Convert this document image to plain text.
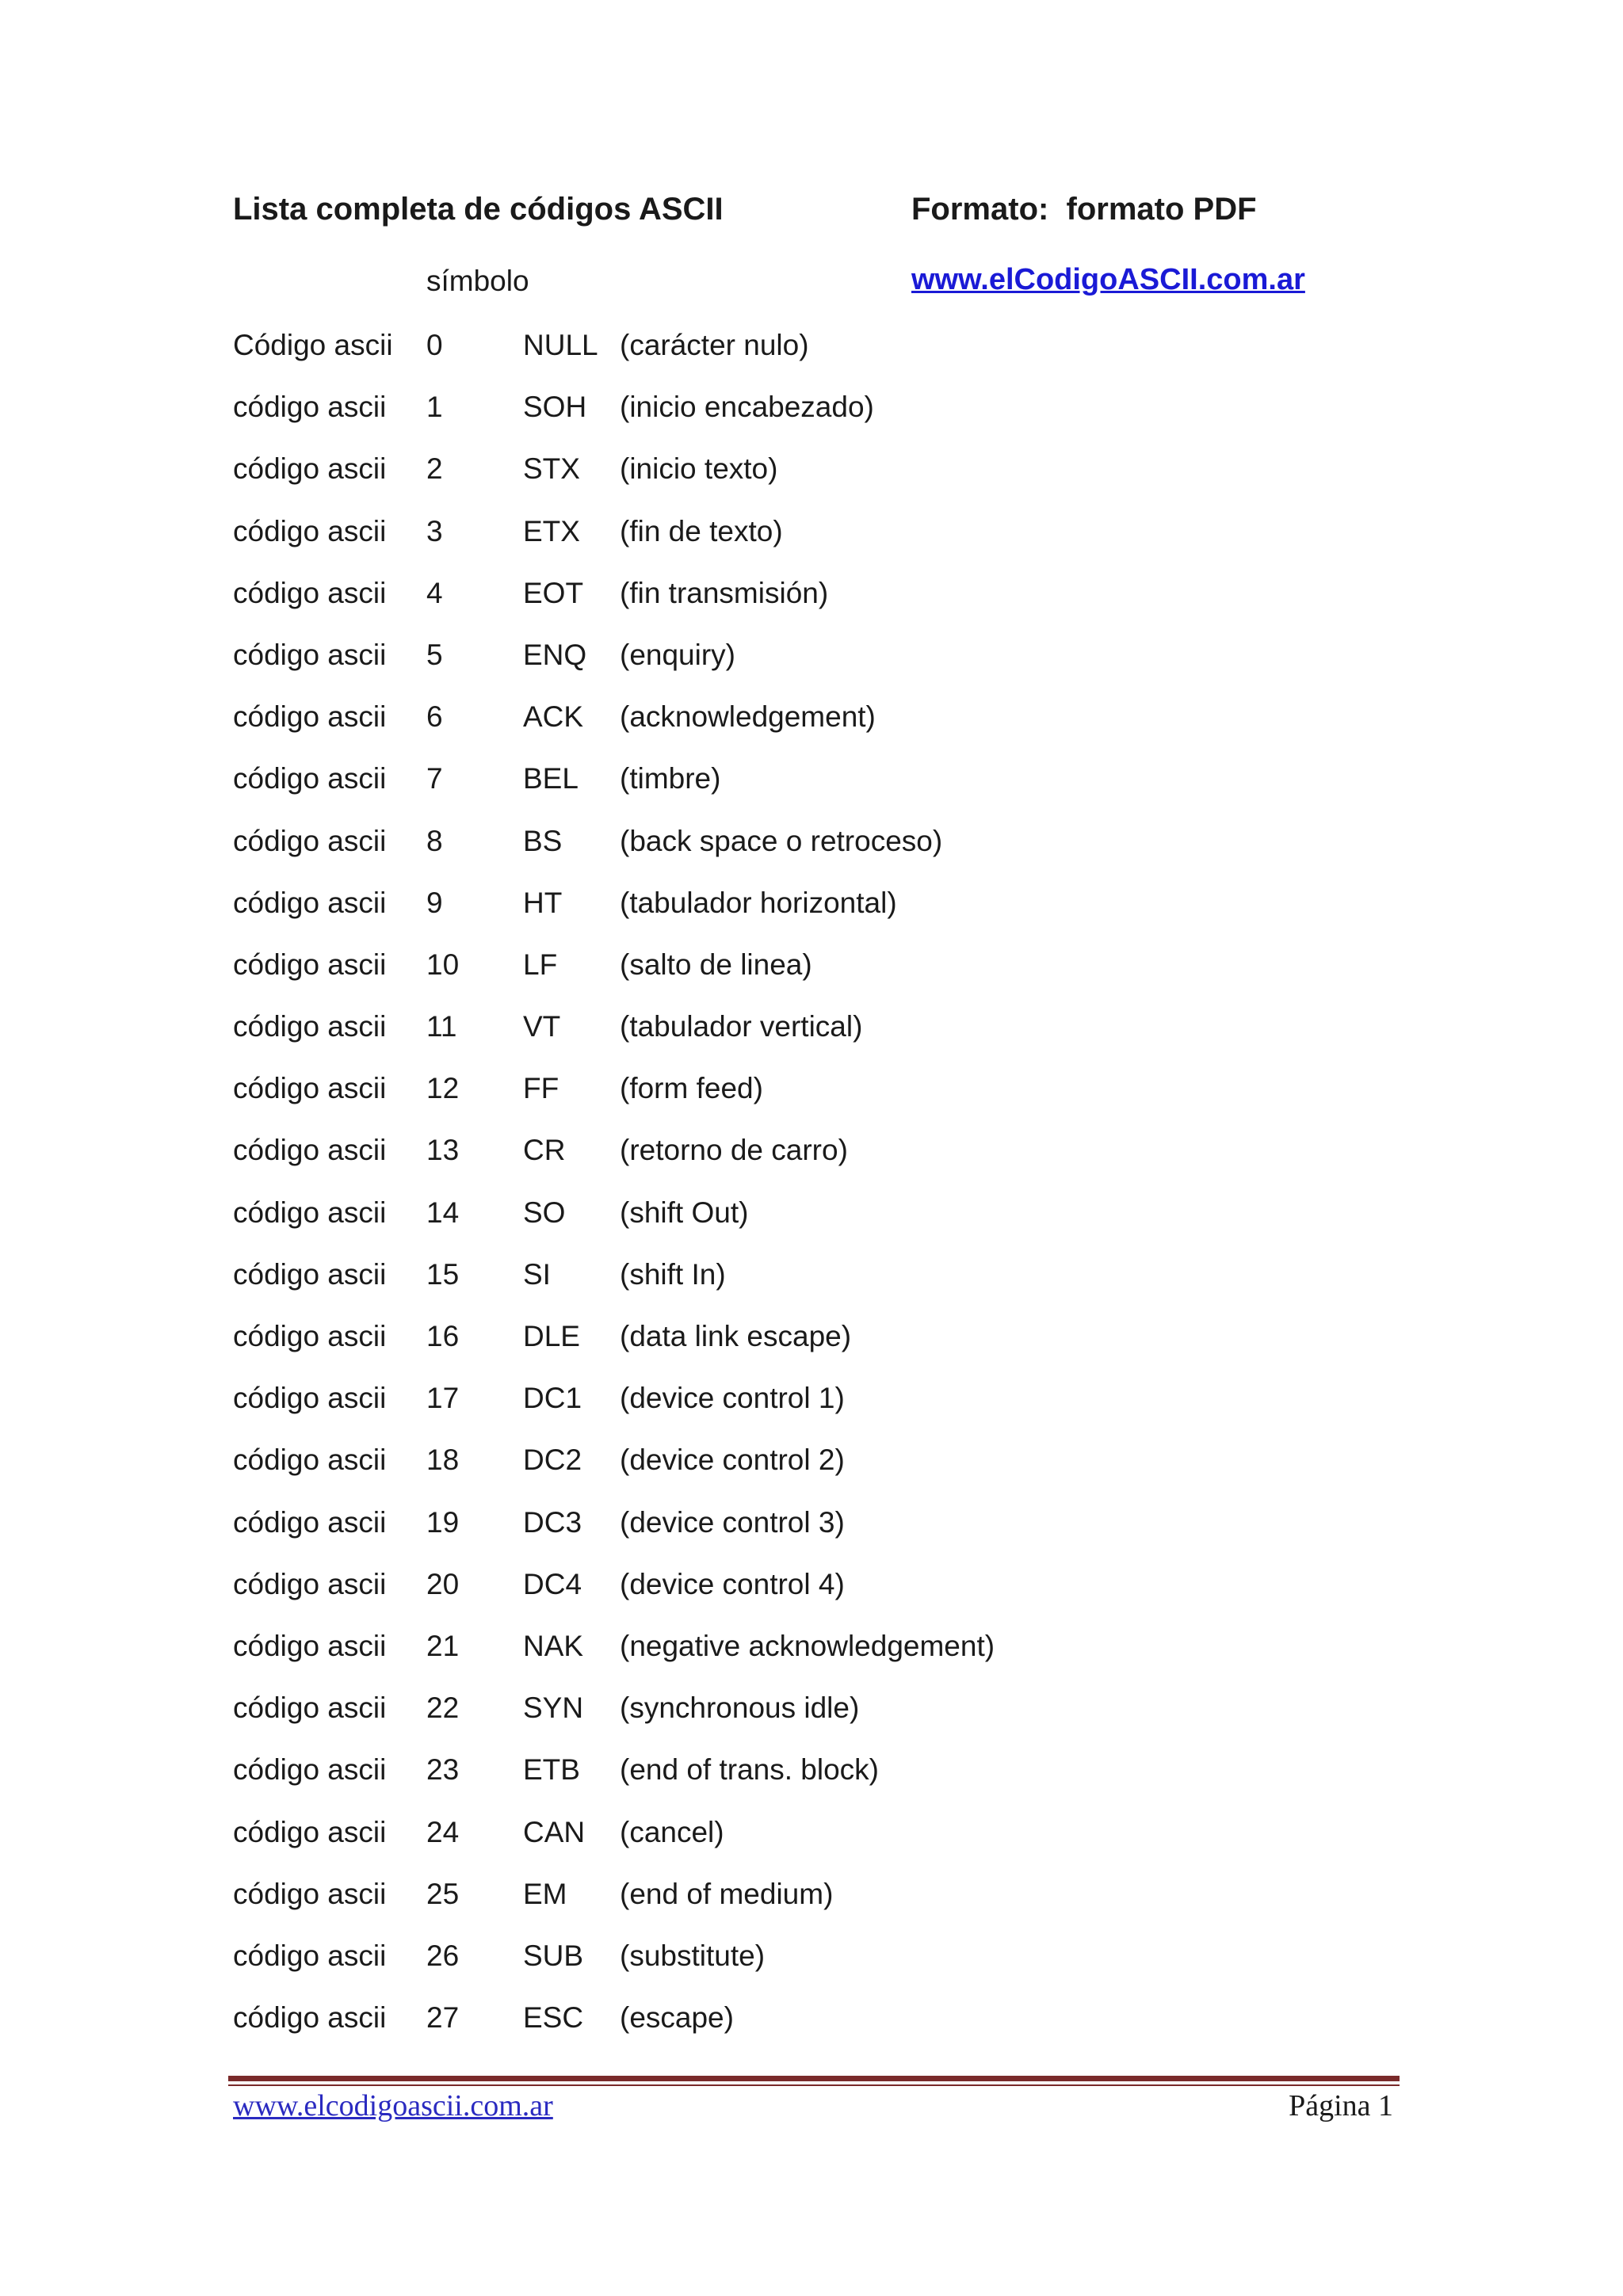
Lista completa de códigos ASCII	Formato:  formato PDF
símbolo	www.elCodigoASCII.com.ar
Código ascii 0	NULL (carácter nulo)
código ascii 1	SOH (inicio encabezado)
código ascii 2	STX (inicio texto)
código ascii 3	ETX (fin de texto)
código ascii 4	EOT (fin transmisión)
código ascii 5	ENQ (enquiry)
código ascii 6	ACK (acknowledgement)
código ascii 7	BEL (timbre)
código ascii 8	BS (back space o retroceso)
código ascii 9	HT (tabulador horizontal)
código ascii 10 LF (salto de linea)
código ascii 11 VT (tabulador vertical)
código ascii 12 FF (form feed)
código ascii 13 CR (retorno de carro)
código ascii 14 SO (shift Out)
código ascii 15 SI (shift In)
código ascii 16 DLE (data link escape)
código ascii 17 DC1 (device control 1)
código ascii 18 DC2 (device control 2)
código ascii 19 DC3 (device control 3)
código ascii 20 DC4 (device control 4)
código ascii 21 NAK (negative acknowledgement)
código ascii 22 SYN (synchronous idle)
código ascii 23 ETB (end of trans. block)
código ascii 24 CAN (cancel)
código ascii 25 EM (end of medium)
código ascii 26 SUB (substitute)
código ascii 27 ESC (escape)
www.elcodigoascii.com.ar	Página 1
